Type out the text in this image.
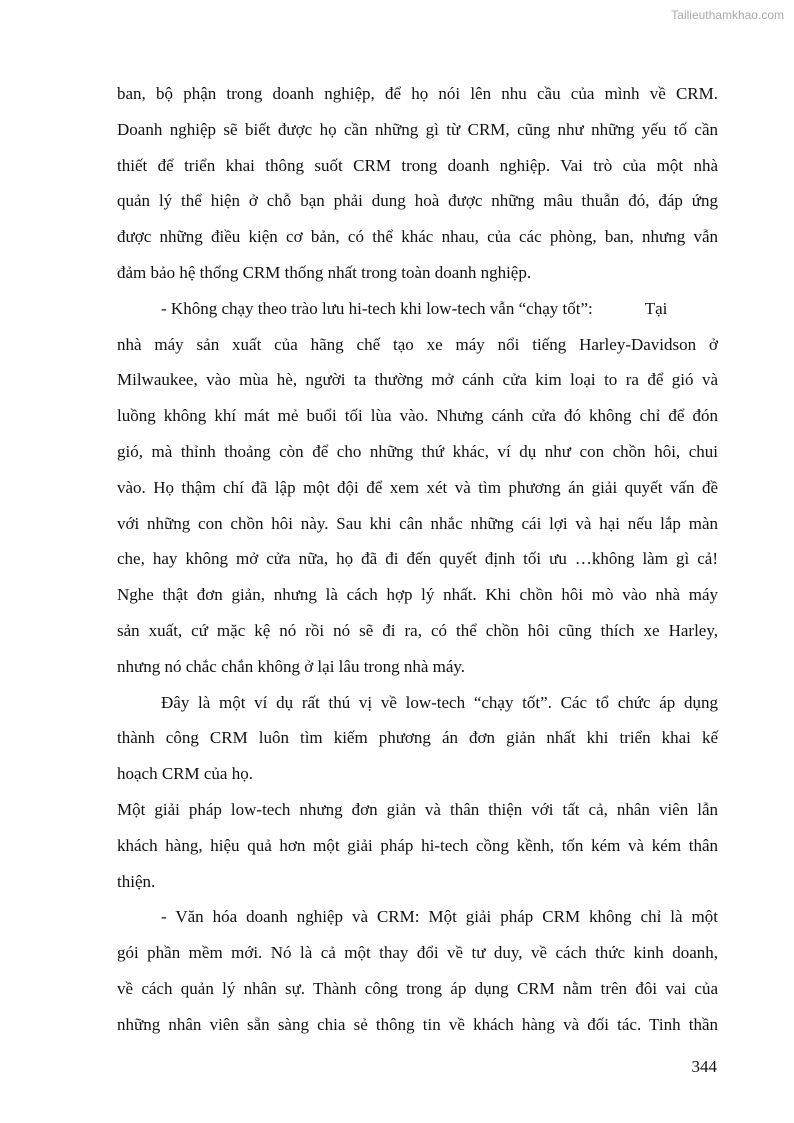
Tailieuthamkhao.com
ban, bộ phận trong doanh nghiệp, để họ nói lên nhu cầu của mình về CRM.
Doanh nghiệp sẽ biết được họ cần những gì từ CRM, cũng như những yếu tố cần
thiết để triển khai thông suốt CRM trong doanh nghiệp. Vai trò của một nhà
quản lý thể hiện ở chỗ bạn phải dung hoà được những mâu thuẫn đó, đáp ứng
được những điều kiện cơ bản, có thể khác nhau, của các phòng, ban, nhưng vẫn
đảm bảo hệ thống CRM thống nhất trong toàn doanh nghiệp.
- Không chạy theo trào lưu hi-tech khi low-tech vẫn “chạy tốt”:	Tại
nhà máy sản xuất của hãng chế tạo xe máy nổi tiếng Harley-Davidson ở
Milwaukee, vào mùa hè, người ta thường mở cánh cửa kim loại to ra để gió và
luồng không khí mát mẻ buổi tối lùa vào. Nhưng cánh cửa đó không chỉ để đón
gió, mà thỉnh thoảng còn để cho những thứ khác, ví dụ như con chồn hôi, chui
vào. Họ thậm chí đã lập một đội để xem xét và tìm phương án giải quyết vấn đề
với những con chồn hôi này. Sau khi cân nhắc những cái lợi và hại nếu lắp màn
che, hay không mở cửa nữa, họ đã đi đến quyết định tối ưu …không làm gì cả!
Nghe thật đơn giản, nhưng là cách hợp lý nhất. Khi chồn hôi mò vào nhà máy
sản xuất, cứ mặc kệ nó rồi nó sẽ đi ra, có thể chồn hôi cũng thích xe Harley,
nhưng nó chắc chắn không ở lại lâu trong nhà máy.
Đây là một ví dụ rất thú vị về low-tech “chạy tốt”. Các tổ chức áp dụng
thành công CRM luôn tìm kiếm phương án đơn giản nhất khi triển khai kế
hoạch CRM của họ.
Một giải pháp low-tech nhưng đơn giản và thân thiện với tất cả, nhân viên lẫn
khách hàng, hiệu quả hơn một giải pháp hi-tech cồng kềnh, tốn kém và kém thân
thiện.
- Văn hóa doanh nghiệp và CRM: Một giải pháp CRM không chỉ là một
gói phần mềm mới. Nó là cả một thay đổi về tư duy, về cách thức kinh doanh,
về cách quản lý nhân sự. Thành công trong áp dụng CRM nằm trên đôi vai của
những nhân viên sẵn sàng chia sẻ thông tin về khách hàng và đối tác. Tinh thần
344
